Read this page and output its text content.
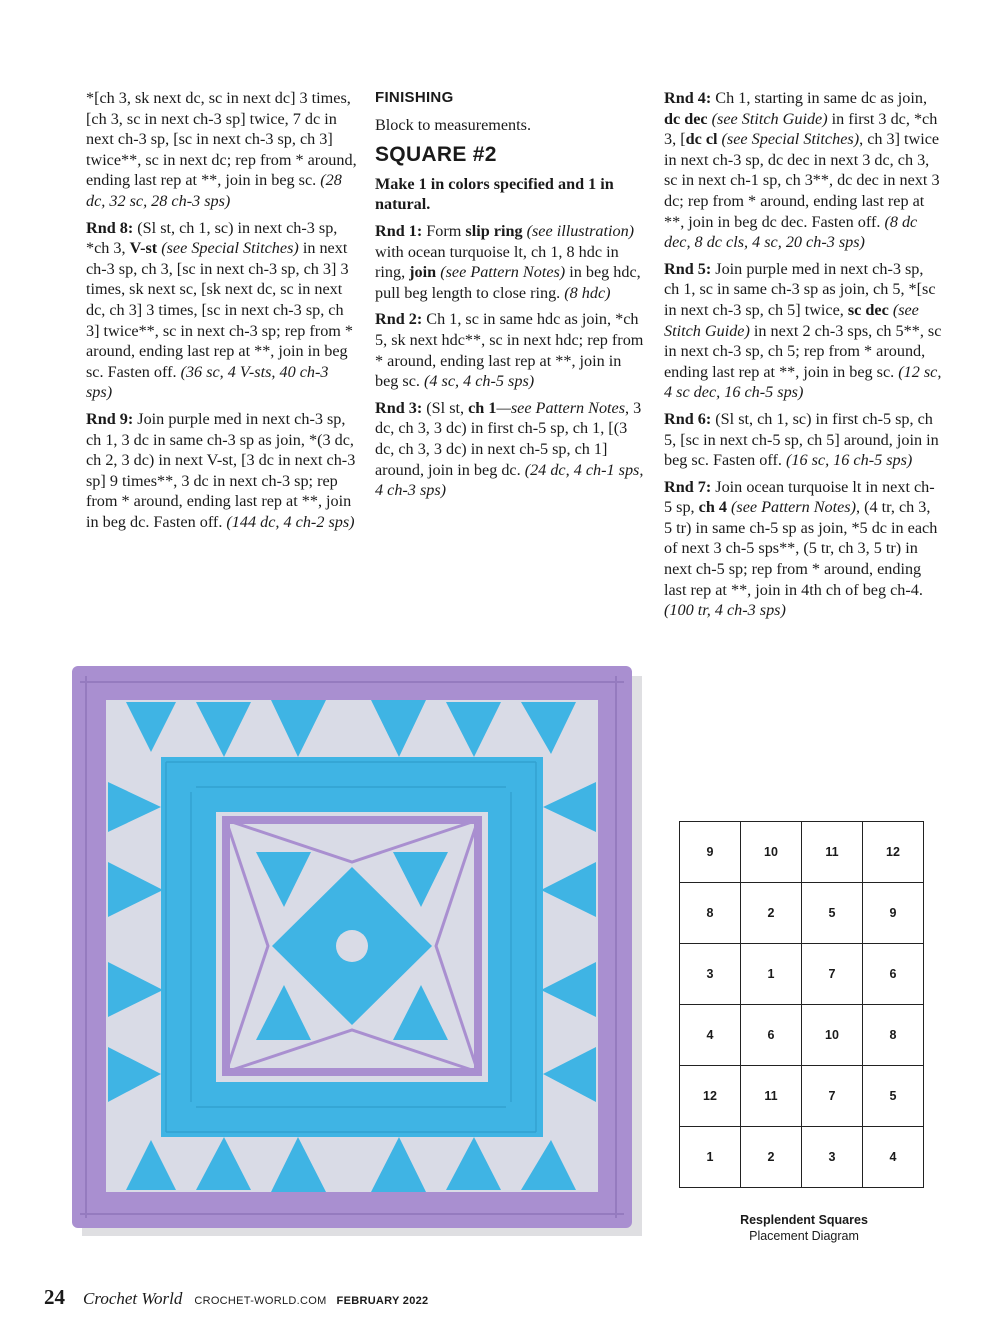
*[ch 3, sk next dc, sc in next dc] 3 times, [ch 3, sc in next ch-3 sp] twice, 7 dc in next ch-3 sp, [sc in next ch-3 sp, ch 3] twice**, sc in next dc; rep from * around, ending last rep at **, join in beg sc. (28 dc, 32 sc, 28 ch-3 sps)

Rnd 8: (Sl st, ch 1, sc) in next ch-3 sp, *ch 3, V-st (see Special Stitches) in next ch-3 sp, ch 3, [sc in next ch-3 sp, ch 3] 3 times, sk next sc, [sk next dc, sc in next dc, ch 3] 3 times, [sc in next ch-3 sp, ch 3] twice**, sc in next ch-3 sp; rep from * around, ending last rep at **, join in beg sc. Fasten off. (36 sc, 4 V-sts, 40 ch-3 sps)

Rnd 9: Join purple med in next ch-3 sp, ch 1, 3 dc in same ch-3 sp as join, *(3 dc, ch 2, 3 dc) in next V-st, [3 dc in next ch-3 sp] 9 times**, 3 dc in next ch-3 sp; rep from * around, ending last rep at **, join in beg dc. Fasten off. (144 dc, 4 ch-2 sps)

FINISHING

Block to measurements.

SQUARE #2

Make 1 in colors specified and 1 in natural.

Rnd 1: Form slip ring (see illustration) with ocean turquoise lt, ch 1, 8 hdc in ring, join (see Pattern Notes) in beg hdc, pull beg length to close ring. (8 hdc)

Rnd 2: Ch 1, sc in same hdc as join, *ch 5, sk next hdc**, sc in next hdc; rep from * around, ending last rep at **, join in beg sc. (4 sc, 4 ch-5 sps)

Rnd 3: (Sl st, ch 1—see Pattern Notes, 3 dc, ch 3, 3 dc) in first ch-5 sp, ch 1, [(3 dc, ch 3, 3 dc) in next ch-5 sp, ch 1] around, join in beg dc. (24 dc, 4 ch-1 sps, 4 ch-3 sps)

Rnd 4: Ch 1, starting in same dc as join, dc dec (see Stitch Guide) in first 3 dc, *ch 3, [dc cl (see Special Stitches), ch 3] twice in next ch-3 sp, dc dec in next 3 dc, ch 3, sc in next ch-1 sp, ch 3**, dc dec in next 3 dc; rep from * around, ending last rep at **, join in beg dc dec. Fasten off. (8 dc dec, 8 dc cls, 4 sc, 20 ch-3 sps)

Rnd 5: Join purple med in next ch-3 sp, ch 1, sc in same ch-3 sp as join, ch 5, *[sc in next ch-3 sp, ch 5] twice, sc dec (see Stitch Guide) in next 2 ch-3 sps, ch 5**, sc in next ch-3 sp, ch 5; rep from * around, ending last rep at **, join in beg sc. (12 sc, 4 sc dec, 16 ch-5 sps)

Rnd 6: (Sl st, ch 1, sc) in first ch-5 sp, ch 5, [sc in next ch-5 sp, ch 5] around, join in beg sc. Fasten off. (16 sc, 16 ch-5 sps)

Rnd 7: Join ocean turquoise lt in next ch-5 sp, ch 4 (see Pattern Notes), (4 tr, ch 3, 5 tr) in same ch-5 sp as join, *5 dc in each of next 3 ch-5 sps**, (5 tr, ch 3, 5 tr) in next ch-5 sp; rep from * around, ending last rep at **, join in 4th ch of beg ch-4. (100 tr, 4 ch-3 sps)

9	10	11	12
8	2	5	9
3	1	7	6
4	6	10	8
12	11	7	5
1	2	3	4
Resplendent Squares
Placement Diagram
24 Crochet World CROCHET-WORLD.COM FEBRUARY 2022
